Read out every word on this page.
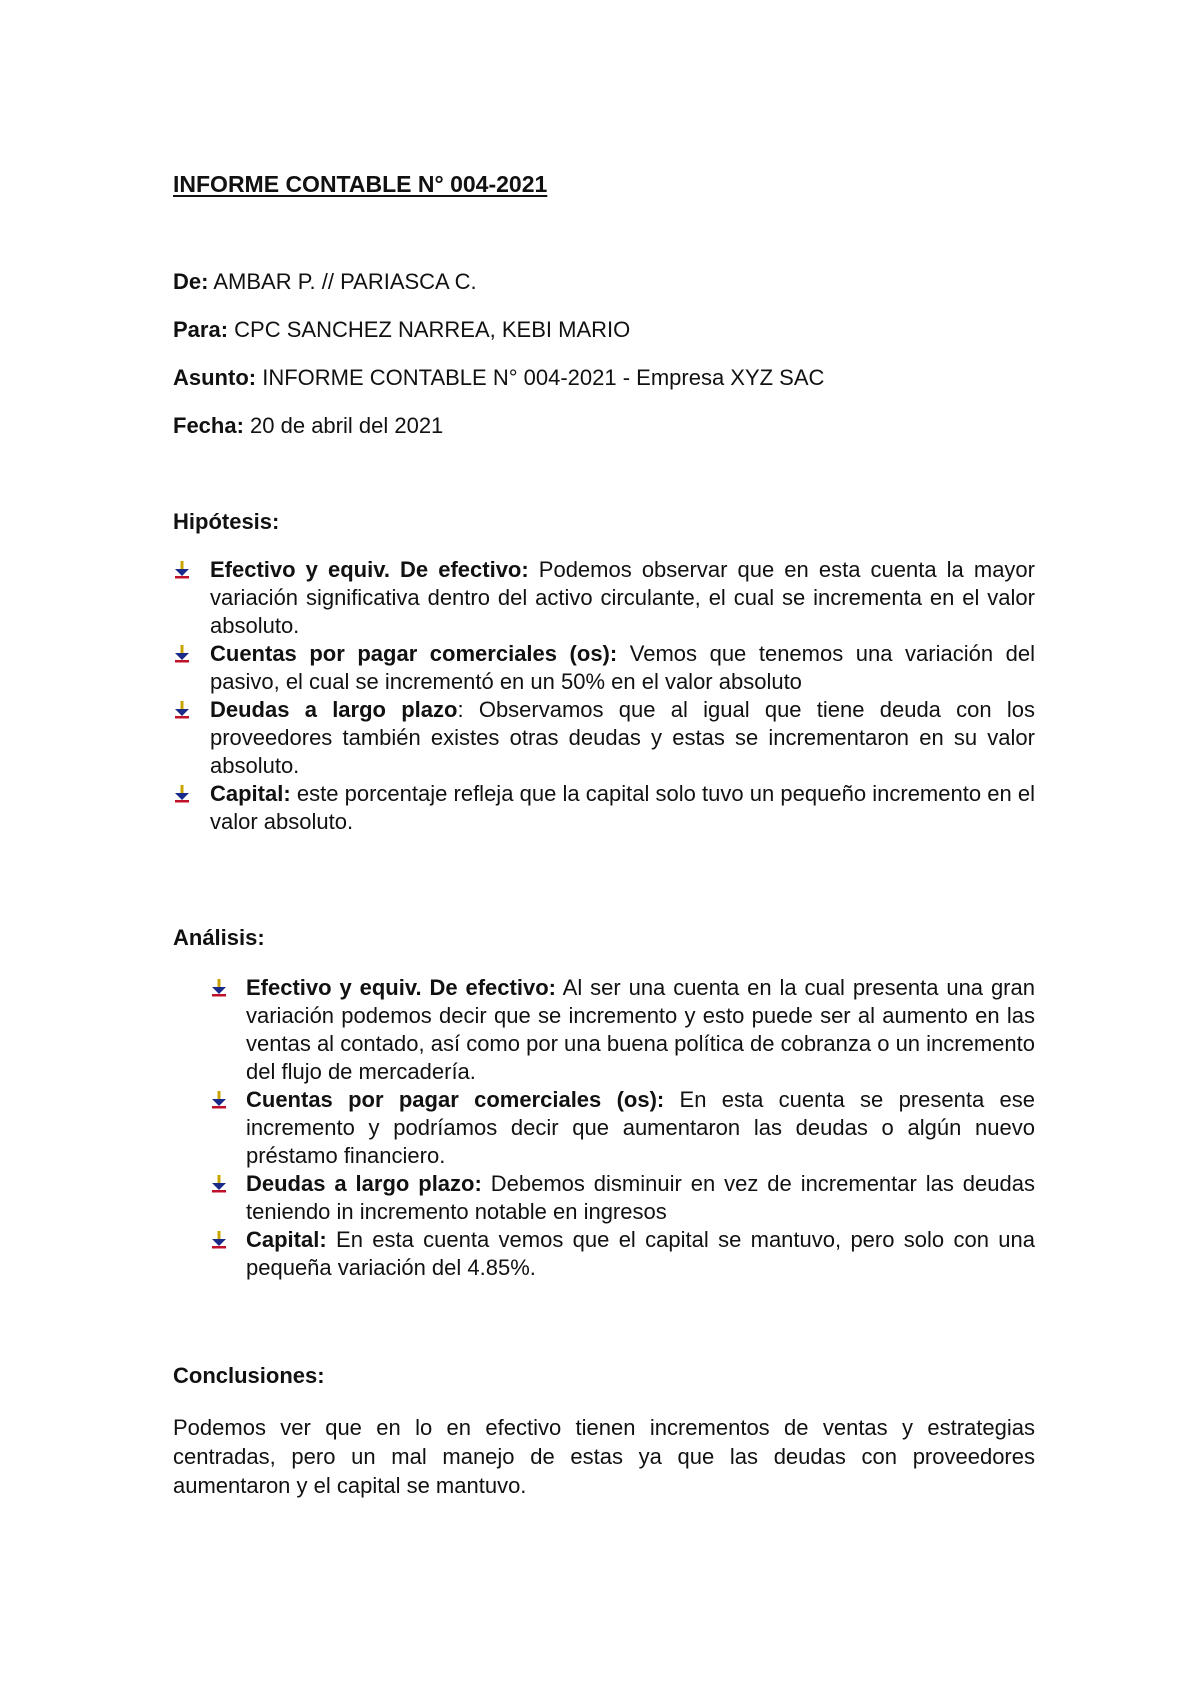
INFORME CONTABLE N° 004-2021

De: AMBAR P. // PARIASCA C.

Para: CPC SANCHEZ NARREA, KEBI MARIO

Asunto: INFORME CONTABLE N° 004-2021 - Empresa XYZ SAC

Fecha: 20 de abril del 2021

Hipótesis:
Efectivo y equiv. De efectivo: Podemos observar que en esta cuenta la mayor variación significativa dentro del activo circulante, el cual se incrementa en el valor absoluto.
Cuentas por pagar comerciales (os): Vemos que tenemos una variación del pasivo, el cual se incrementó en un 50% en el valor absoluto
Deudas a largo plazo: Observamos que al igual que tiene deuda con los proveedores también existes otras deudas y estas se incrementaron en su valor absoluto.
Capital: este porcentaje refleja que la capital solo tuvo un pequeño incremento en el valor absoluto.
Análisis:
Efectivo y equiv. De efectivo: Al ser una cuenta en la cual presenta una gran variación podemos decir que se incremento y esto puede ser al aumento en las ventas al contado, así como por una buena política de cobranza o un incremento del flujo de mercadería.
Cuentas por pagar comerciales (os): En esta cuenta se presenta ese incremento y podríamos decir que aumentaron las deudas o algún nuevo préstamo financiero.
Deudas a largo plazo: Debemos disminuir en vez de incrementar las deudas teniendo in incremento notable en ingresos
Capital: En esta cuenta vemos que el capital se mantuvo, pero solo con una pequeña variación del 4.85%.
Conclusiones:

Podemos ver que en lo en efectivo tienen incrementos de ventas y estrategias centradas, pero un mal manejo de estas ya que las deudas con proveedores aumentaron y el capital se mantuvo.
